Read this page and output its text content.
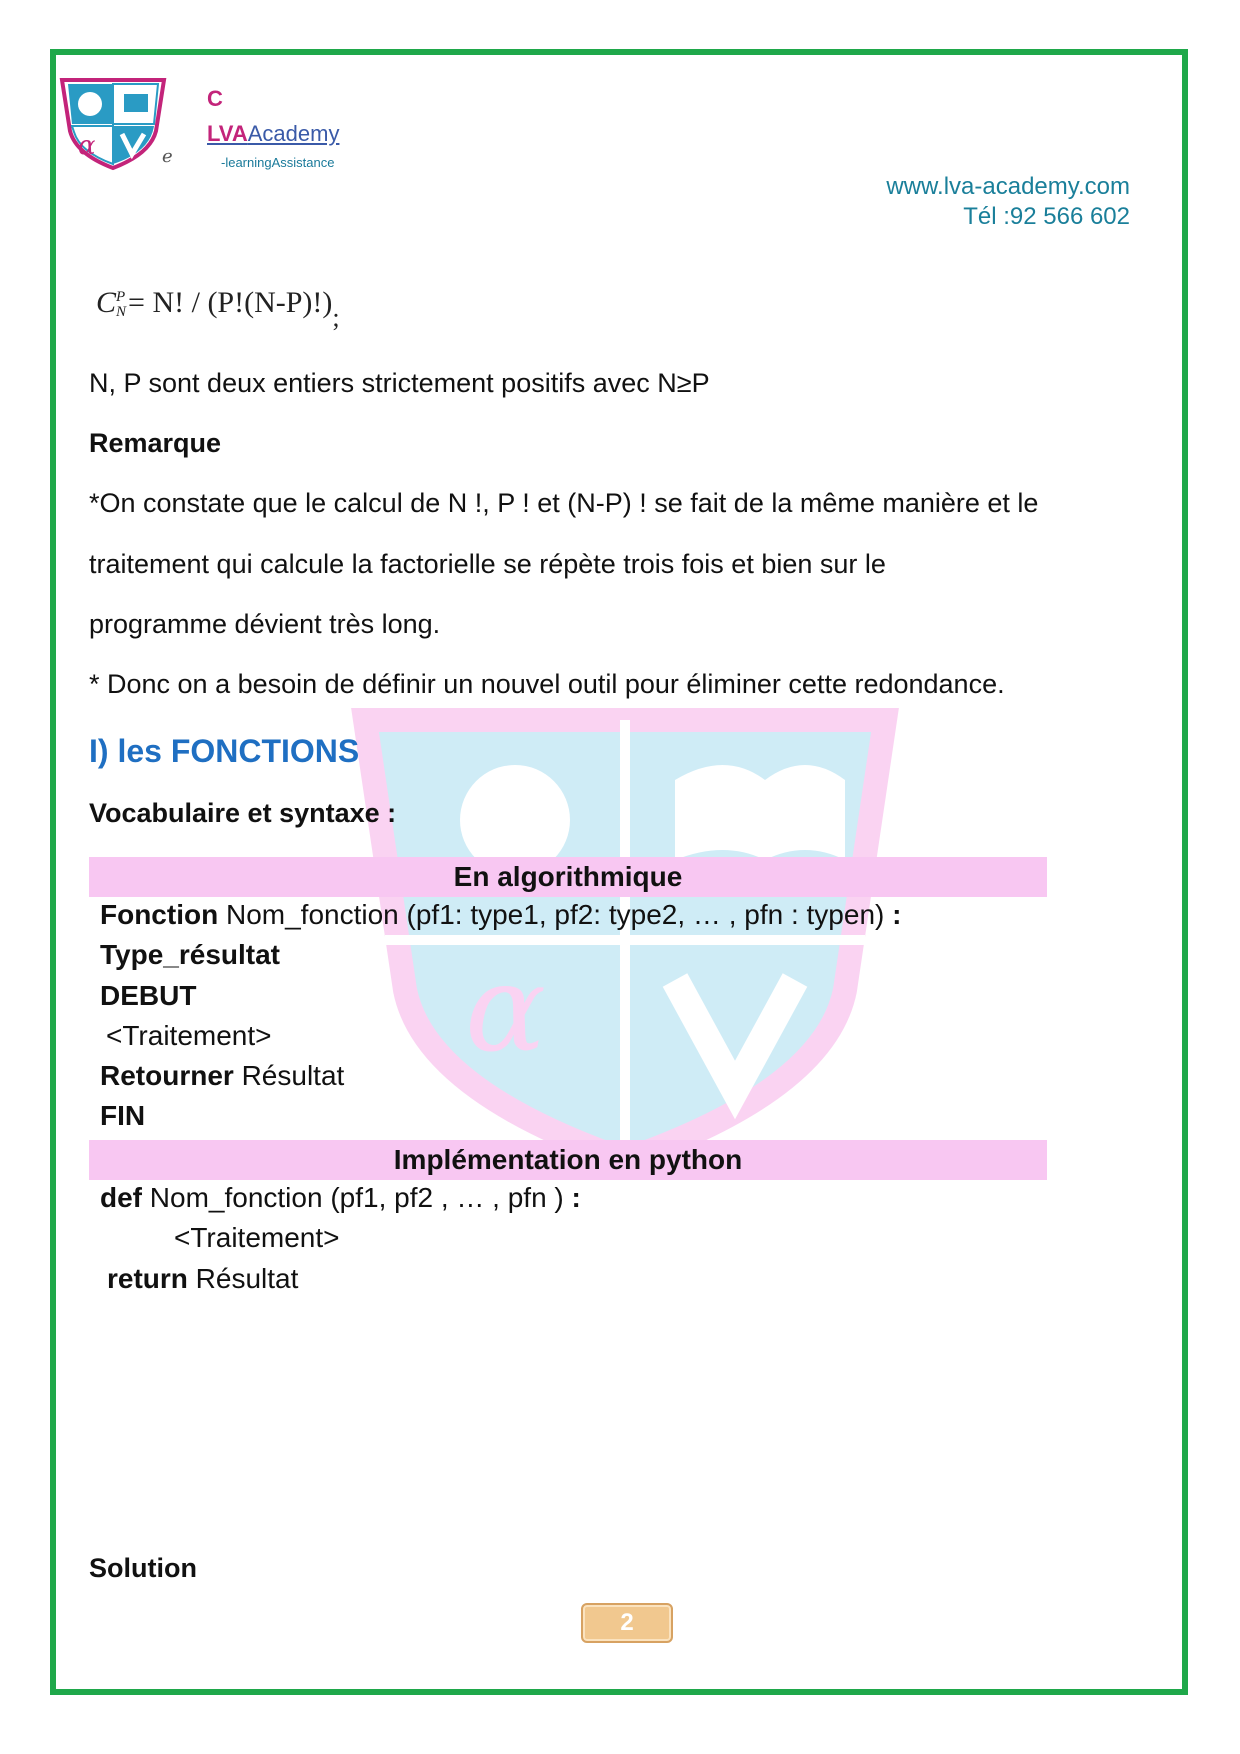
α
α	e
C
LVAAcademy
-learningAssistance
www.lva-academy.com
Tél :92 566 602
CP
N= N! / (P!(N-P)!);
N, P sont deux entiers strictement positifs avec N≥P
Remarque
*On constate que le calcul de N !, P ! et (N-P) ! se fait de la même manière et le
traitement qui calcule la factorielle se répète trois fois et bien sur le
programme dévient très long.
* Donc on a besoin de définir un nouvel outil pour éliminer cette redondance.
I) les FONCTIONS
Vocabulaire et syntaxe :
En algorithmique
Fonction Nom_fonction (pf1: type1, pf2: type2, … , pfn : typen) :
Type_résultat
DEBUT
<Traitement>
Retourner Résultat
FIN
Implémentation en python
def Nom_fonction (pf1, pf2 , … , pfn ) :
<Traitement>
return Résultat
Solution
2
